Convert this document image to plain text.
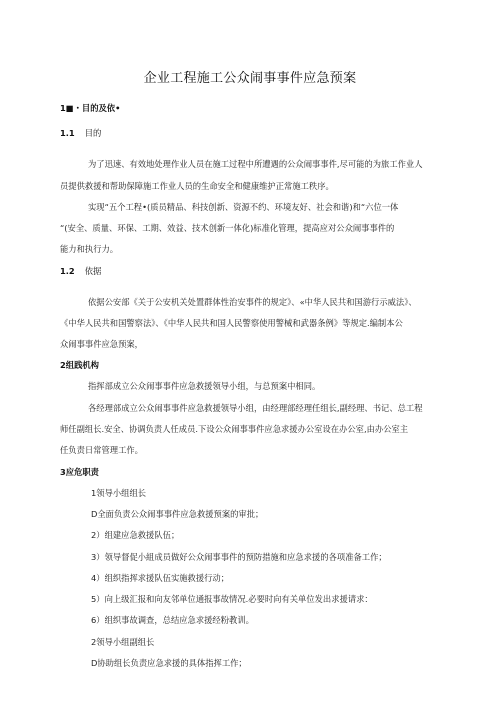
企业工程施工公众闹事事件应急预案
1■・目的及依•
1.1 目的
为了迅速、有效地处理作业人员在施工过程中所遭遇的公众闹事事件,尽可能的为旅工作业人
员提供救援和帮助保障施工作业人员的生命安全和健康维护正常施工秩序。
实现“五个工程•(质员精品、科技创新、资源不约、环境友好、社会和谐)和“六位一体
“(安全、质量、环保、工期、效益、技术创新一体化)标准化管理，提高应对公众闹事事件的
能力和执行力。
1.2 依据
依据公安部《关于公安机关处置群体性治安事件的规定》、«中华人民共和国游行示威法》、
《中华人民共和国警察法》、《中华人民共和国人民警察使用警械和武器条例》等规定.编制本公
众闹事事件应急预案，
2组践机构
指挥部成立公众闹事事件应急救援领导小组，与总预案中相同。
各经理部成立公众闹事事件应急救援领导小组，由经理部经理任组长,副经理、书记、总工程
师任副组长.安全、协调负责人任成员.下设公众闹事事件应急求援办公室设在办公室,由办公室主
任负责日常管理工作。
3应危职责
1领导小组组长
D全面负责公众闹事事件应急救援预案的审批；
2）组建应急救援队伍；
3）领导督促小組成员做好公众闹事事件的预防措施和应急求援的各项准备工作；
4）组织指挥求援队伍实施救援行动；
5）向上级汇报和向友邻单位通报事故情况.必要时向有关单位发出求援请求：
6）组织事故调查，总结应急求援经粉教训。
2领导小组副组长
D协助组长负责应急求援的具体指挥工作；
